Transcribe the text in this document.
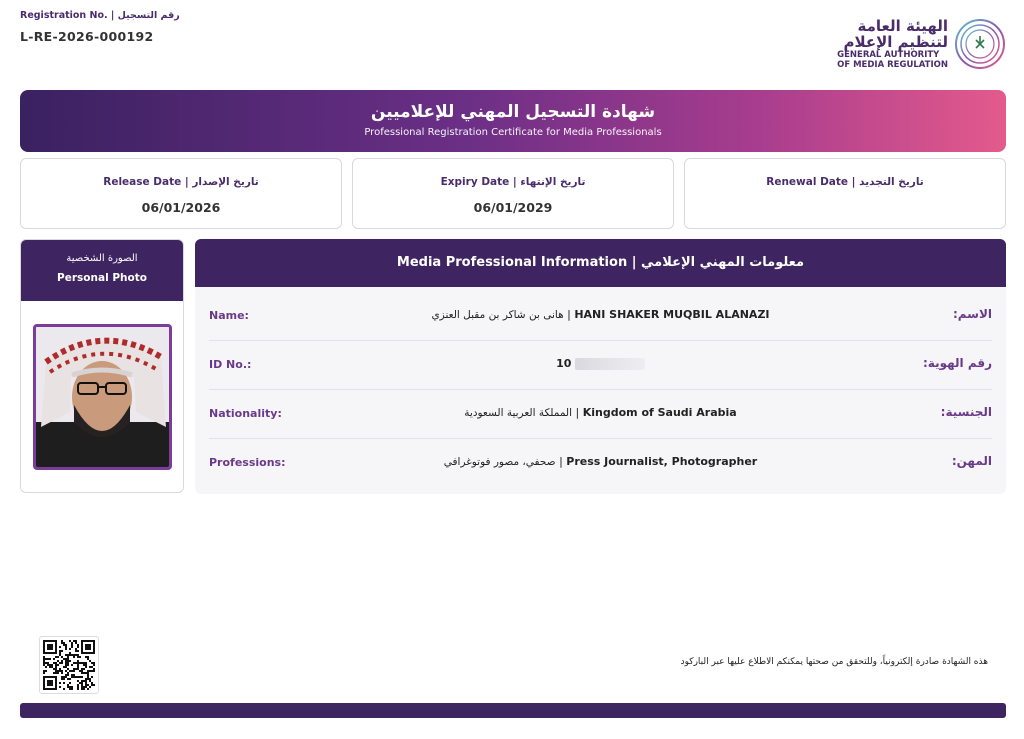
Registration No. | رقم التسجيل
L-RE-2026-000192
الهيئة العامة
لتنظيم الإعلام
GENERAL AUTHORITY
OF MEDIA REGULATION
شهادة التسجيل المهني للإعلاميين
Professional Registration Certificate for Media Professionals
Release Date | تاريخ الإصدار
06/01/2026
Expiry Date | تاريخ الإنتهاء
06/01/2029
Renewal Date | تاريخ التجديد
الصورة الشخصية
Personal Photo
Media Professional Information | معلومات المهني الإعلامي
Name:	هانى بن شاكر بن مقبل العنزي | HANI SHAKER MUQBIL ALANAZI	الاسم:
ID No.:	10	رقم الهوية:
Nationality:	المملكة العربية السعودية | Kingdom of Saudi Arabia	الجنسية:
Professions:	صحفي، مصور فوتوغرافي | Press Journalist, Photographer	المهن:
هذه الشهادة صادرة إلكترونياً، وللتحقق من صحتها يمكنكم الاطلاع عليها عبر الباركود
